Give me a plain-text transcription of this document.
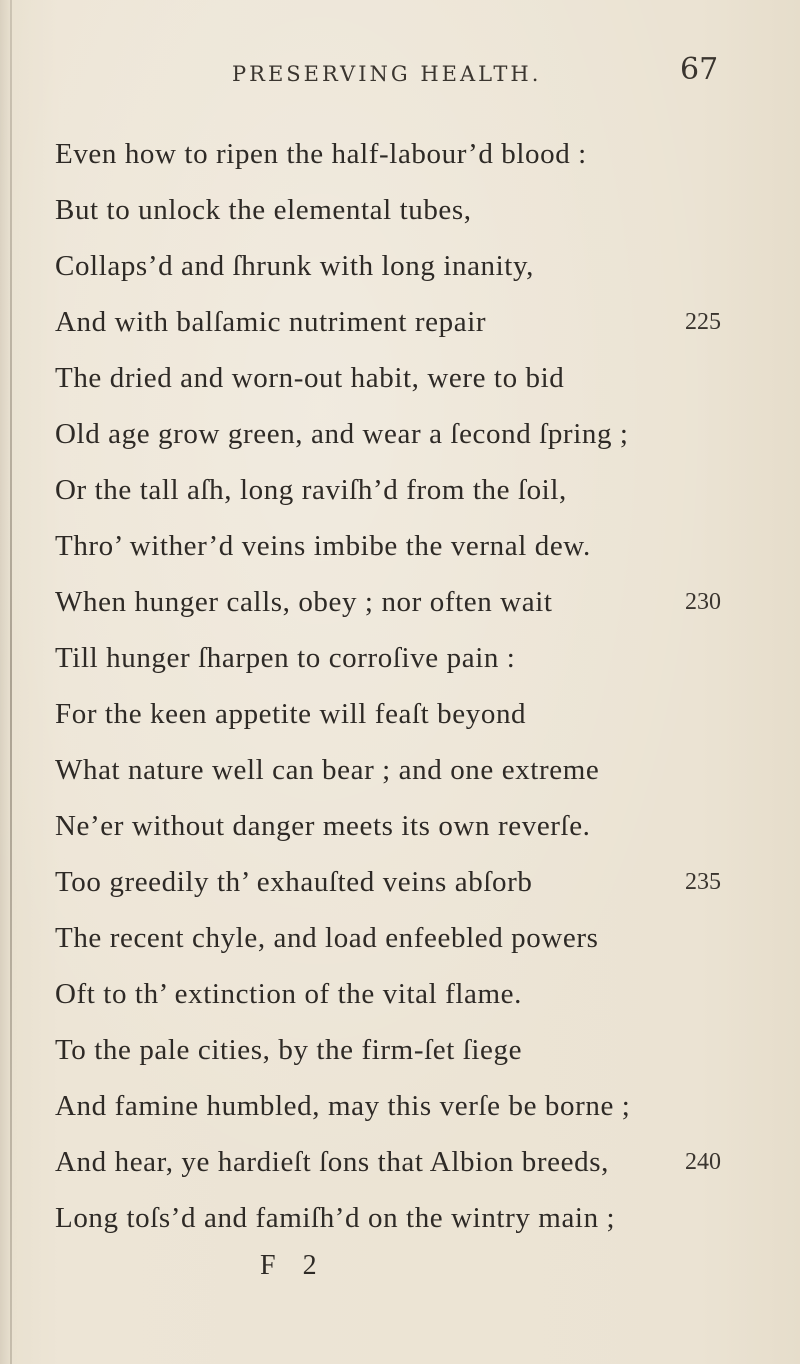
PRESERVING HEALTH.	67
Even how to ripen the half-labour’d blood :
But to unlock the elemental tubes,
Collaps’d and ſhrunk with long inanity,
And with balſamic nutriment repair	225
The dried and worn-out habit, were to bid
Old age grow green, and wear a ſecond ſpring ;
Or the tall aſh, long raviſh’d from the ſoil,
Thro’ wither’d veins imbibe the vernal dew.
When hunger calls, obey ; nor often wait	230
Till hunger ſharpen to corroſive pain :
For the keen appetite will feaſt beyond
What nature well can bear ; and one extreme
Ne’er without danger meets its own reverſe.
Too greedily th’ exhauſted veins abſorb	235
The recent chyle, and load enfeebled powers
Oft to th’ extinction of the vital flame.
To the pale cities, by the firm-ſet ſiege
And famine humbled, may this verſe be borne ;
And hear, ye hardieſt ſons that Albion breeds,	240
Long toſs’d and famiſh’d on the wintry main ;
F 2
